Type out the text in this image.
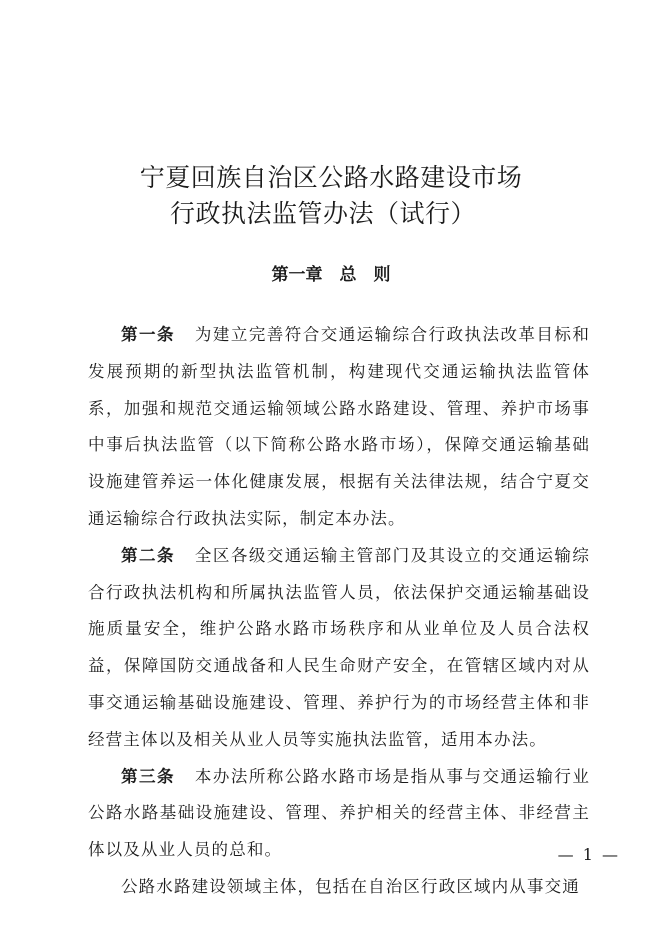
宁夏回族自治区公路水路建设市场
行政执法监管办法（试行）
第一章　总　则

第一条 为建立完善符合交通运输综合行政执法改革目标和发展预期的新型执法监管机制，构建现代交通运输执法监管体系，加强和规范交通运输领域公路水路建设、管理、养护市场事中事后执法监管（以下简称公路水路市场），保障交通运输基础设施建管养运一体化健康发展，根据有关法律法规，结合宁夏交通运输综合行政执法实际，制定本办法。

第二条 全区各级交通运输主管部门及其设立的交通运输综合行政执法机构和所属执法监管人员，依法保护交通运输基础设施质量安全，维护公路水路市场秩序和从业单位及人员合法权益，保障国防交通战备和人民生命财产安全，在管辖区域内对从事交通运输基础设施建设、管理、养护行为的市场经营主体和非经营主体以及相关从业人员等实施执法监管，适用本办法。

第三条 本办法所称公路水路市场是指从事与交通运输行业公路水路基础设施建设、管理、养护相关的经营主体、非经营主体以及从业人员的总和。

公路水路建设领域主体，包括在自治区行政区域内从事交通

— 1 —
